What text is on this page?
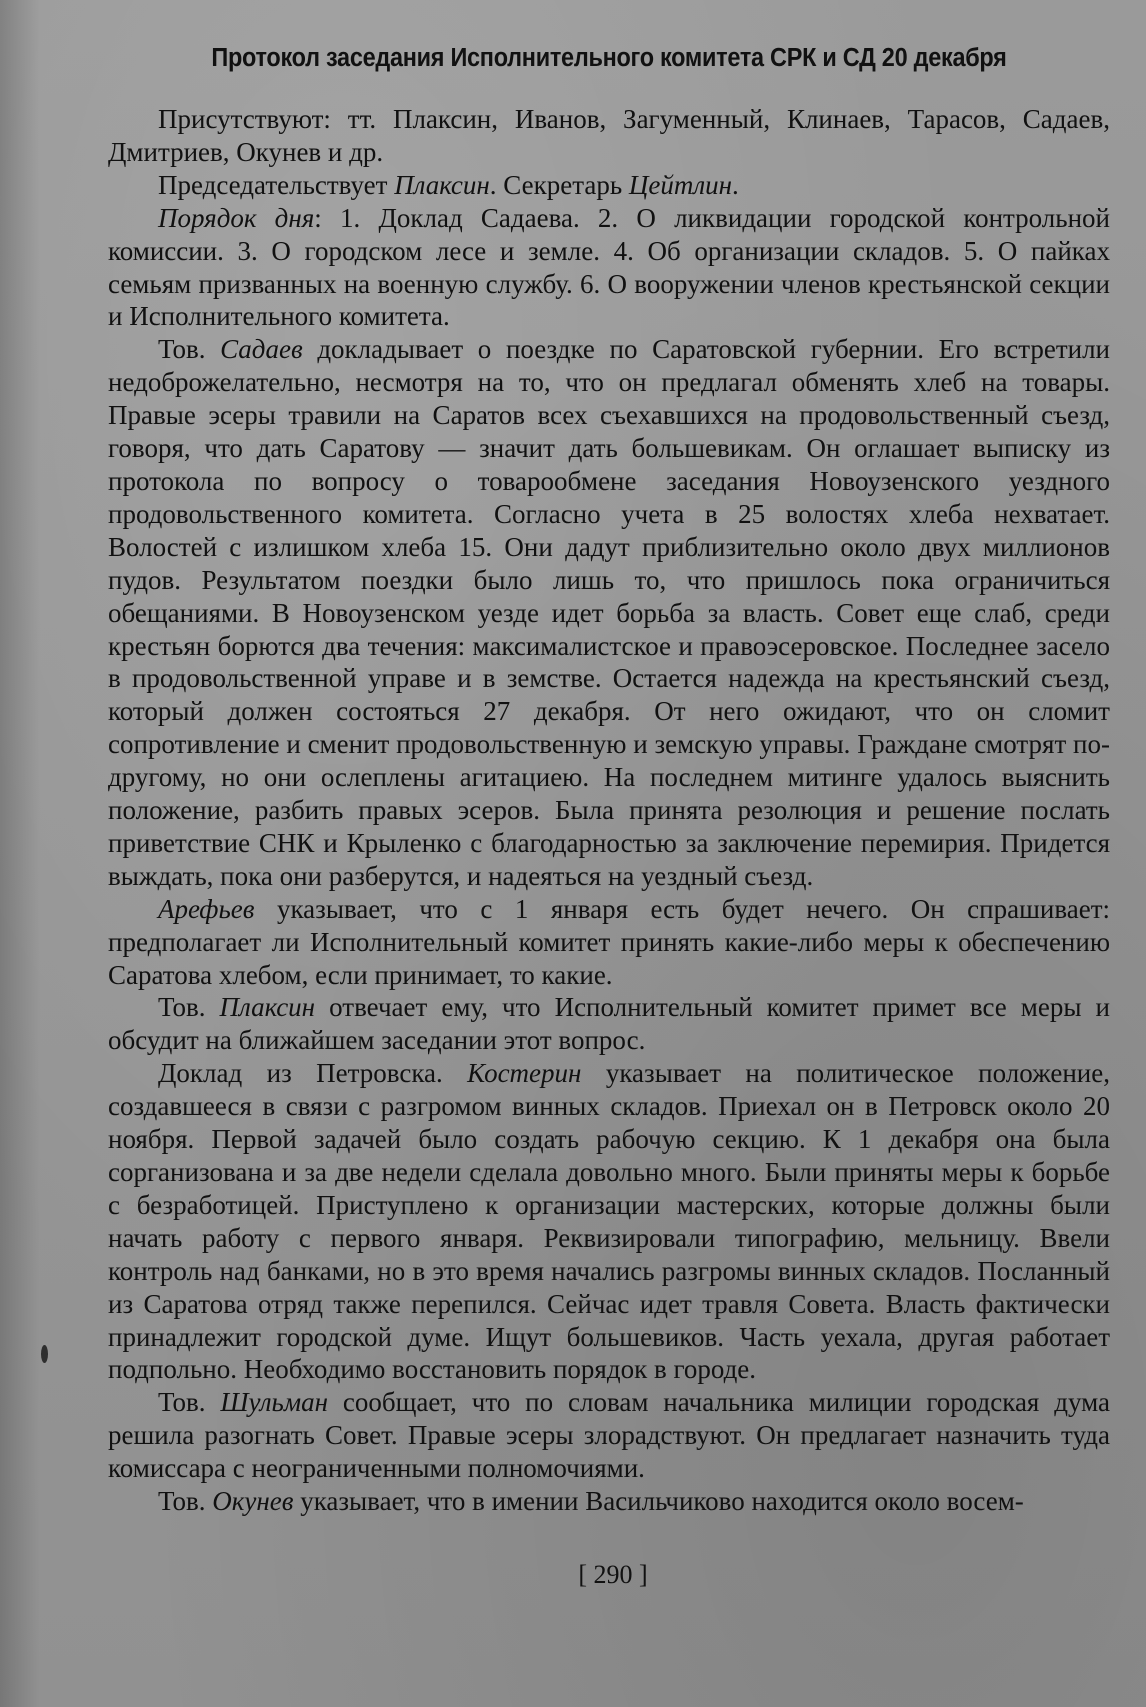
Протокол заседания Исполнительного комитета СРК и СД 20 декабря

Присутствуют: тт. Плаксин, Иванов, Загуменный, Клинаев, Тарасов, Садаев, Дмитриев, Окунев и др.

Председательствует Плаксин. Секретарь Цейтлин.

Порядок дня: 1. Доклад Садаева. 2. О ликвидации городской контрольной комиссии. 3. О городском лесе и земле. 4. Об организации складов. 5. О пайках семьям призванных на военную службу. 6. О вооружении членов крестьянской секции и Исполнительного комитета.

Тов. Садаев докладывает о поездке по Саратовской губернии. Его встретили недоброжелательно, несмотря на то, что он предлагал обменять хлеб на товары. Правые эсеры травили на Саратов всех съехавшихся на продовольственный съезд, говоря, что дать Саратову — значит дать большевикам. Он оглашает выписку из протокола по вопросу о товарообмене заседания Новоузенского уездного продовольственного комитета. Согласно учета в 25 волостях хлеба нехватает. Волостей с излишком хлеба 15. Они дадут приблизительно около двух миллионов пудов. Результатом поездки было лишь то, что пришлось пока ограничиться обещаниями. В Новоузенском уезде идет борьба за власть. Совет еще слаб, среди крестьян борются два течения: максималистское и правоэсеровское. Последнее засело в продовольственной управе и в земстве. Остается надежда на крестьянский съезд, который должен состояться 27 декабря. От него ожидают, что он сломит сопротивление и сменит продовольственную и земскую управы. Граждане смотрят по-другому, но они ослеплены агитациею. На последнем митинге удалось выяснить положение, разбить правых эсеров. Была принята резолюция и решение послать приветствие СНК и Крыленко с благодарностью за заключение перемирия. Придется выждать, пока они разберутся, и надеяться на уездный съезд.

Арефьев указывает, что с 1 января есть будет нечего. Он спрашивает: предполагает ли Исполнительный комитет принять какие-либо меры к обеспечению Саратова хлебом, если принимает, то какие.

Тов. Плаксин отвечает ему, что Исполнительный комитет примет все меры и обсудит на ближайшем заседании этот вопрос.

Доклад из Петровска. Костерин указывает на политическое положение, создавшееся в связи с разгромом винных складов. Приехал он в Петровск около 20 ноября. Первой задачей было создать рабочую секцию. К 1 декабря она была сорганизована и за две недели сделала довольно много. Были приняты меры к борьбе с безработицей. Приступлено к организации мастерских, которые должны были начать работу с первого января. Реквизировали типографию, мельницу. Ввели контроль над банками, но в это время начались разгромы винных складов. Посланный из Саратова отряд также перепился. Сейчас идет травля Совета. Власть фактически принадлежит городской думе. Ищут большевиков. Часть уехала, другая работает подпольно. Необходимо восстановить порядок в городе.

Тов. Шульман сообщает, что по словам начальника милиции городская дума решила разогнать Совет. Правые эсеры злорадствуют. Он предлагает назначить туда комиссара с неограниченными полномочиями.

Тов. Окунев указывает, что в имении Васильчиково находится около восем-

[ 290 ]
